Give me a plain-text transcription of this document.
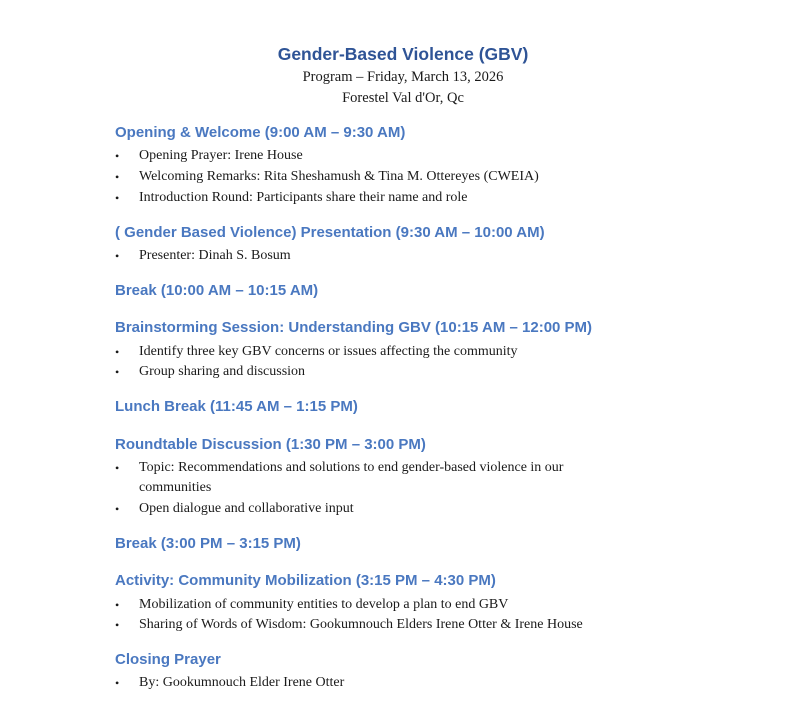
Gender-Based Violence (GBV)
Program – Friday, March 13, 2026
Forestel Val d'Or, Qc
Opening & Welcome (9:00 AM – 9:30 AM)
•	Opening Prayer: Irene House
•	Welcoming Remarks: Rita Sheshamush & Tina M. Ottereyes (CWEIA)
•	Introduction Round: Participants share their name and role
( Gender Based Violence) Presentation (9:30 AM – 10:00 AM)
•	Presenter: Dinah S. Bosum
Break (10:00 AM – 10:15 AM)
Brainstorming Session: Understanding GBV (10:15 AM – 12:00 PM)
•	Identify three key GBV concerns or issues affecting the community
•	Group sharing and discussion
Lunch Break (11:45 AM – 1:15 PM)
Roundtable Discussion (1:30 PM – 3:00 PM)
•	Topic: Recommendations and solutions to end gender-based violence in our communities
•	Open dialogue and collaborative input
Break (3:00 PM – 3:15 PM)
Activity: Community Mobilization (3:15 PM – 4:30 PM)
•	Mobilization of community entities to develop a plan to end GBV
•	Sharing of Words of Wisdom: Gookumnouch Elders Irene Otter & Irene House
Closing Prayer
•	By: Gookumnouch Elder Irene Otter
